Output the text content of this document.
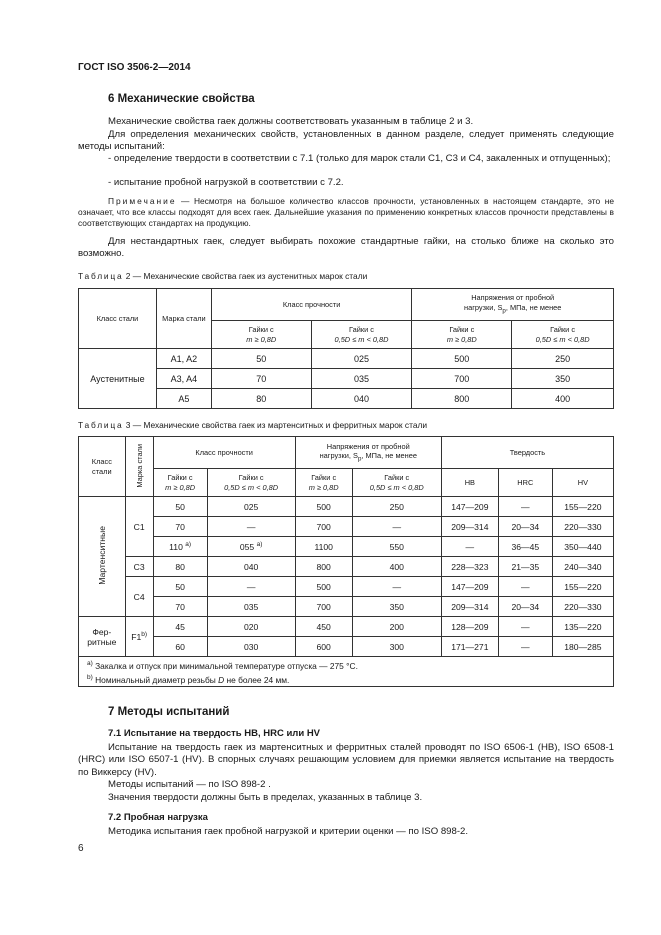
ГОСТ ISO 3506-2—2014
6 Механические свойства
Механические свойства гаек должны соответствовать указанным в таблице 2 и 3.
Для определения механических свойств, установленных в данном разделе, следует применять следующие методы испытаний:
- определение твердости в соответствии с 7.1 (только для марок стали C1, C3 и C4, закаленных и отпущенных);
- испытание пробной нагрузкой в соответствии с 7.2.
Примечание — Несмотря на большое количество классов прочности, установленных в настоящем стандарте, это не означает, что все классы подходят для всех гаек. Дальнейшие указания по применению конкретных классов прочности представлены в соответствующих стандартах на продукцию.
Для нестандартных гаек, следует выбирать похожие стандартные гайки, на столько ближе на сколько это возможно.
Таблица 2 — Механические свойства гаек из аустенитных марок стали
Класс стали	Марка стали	Класс прочности		Напряжения от пробной
нагрузки, $S_p$, МПа, не менее	
		Гайки с
m ≥ 0,8D	Гайки с
0,5D ≤ m < 0,8D	Гайки с
m ≥ 0,8D	Гайки с
0,5D ≤ m < 0,8D
Аустенитные	A1, A2	50	025	500	250
	A3, A4	70	035	700	350
	A5	80	040	800	400
Таблица 3 — Механические свойства гаек из мартенситных и ферритных марок стали
Класс стали	Марка стали	Класс прочности		Напряжения от пробной
нагрузки, $S_p$, МПа, не менее		Твердость		
		Гайки с
m ≥ 0,8D	Гайки с
0,5D ≤ m < 0,8D	Гайки с
m ≥ 0,8D	Гайки с
0,5D ≤ m < 0,8D	HB	HRC	HV
Мартенситные	C1	50	025	500	250	147—209	—	155—220
		70	—	700	—	209—314	20—34	220—330
		110 $^{a)}$	055 $^{a)}$	1100	550	—	36—45	350—440
	C3	80	040	800	400	228—323	21—35	240—340
	C4	50	—	500	—	147—209	—	155—220
		70	035	700	350	209—314	20—34	220—330
Фер-
ритные	F1$^{b)}$	45	020	450	200	128—209	—	135—220
		60	030	600	300	171—271	—	180—285

$^{a)}$ Закалка и отпуск при минимальной температуре отпуска — 275 °С.
$^{b)}$ Номинальный диаметр резьбы D не более 24 мм.								
7 Методы испытаний
7.1 Испытание на твердость HB, HRC или HV
Испытание на твердость гаек из мартенситных и ферритных сталей проводят по ISO 6506-1 (HB), ISO 6508-1 (HRC) или ISO 6507-1 (HV). В спорных случаях решающим условием для приемки является испытание на твердость по Виккерсу (HV).
Методы испытаний — по ISO 898-2 .
Значения твердости должны быть в пределах, указанных в таблице 3.
7.2 Пробная нагрузка
Методика испытания гаек пробной нагрузкой и критерии оценки — по ISO 898-2.
6
